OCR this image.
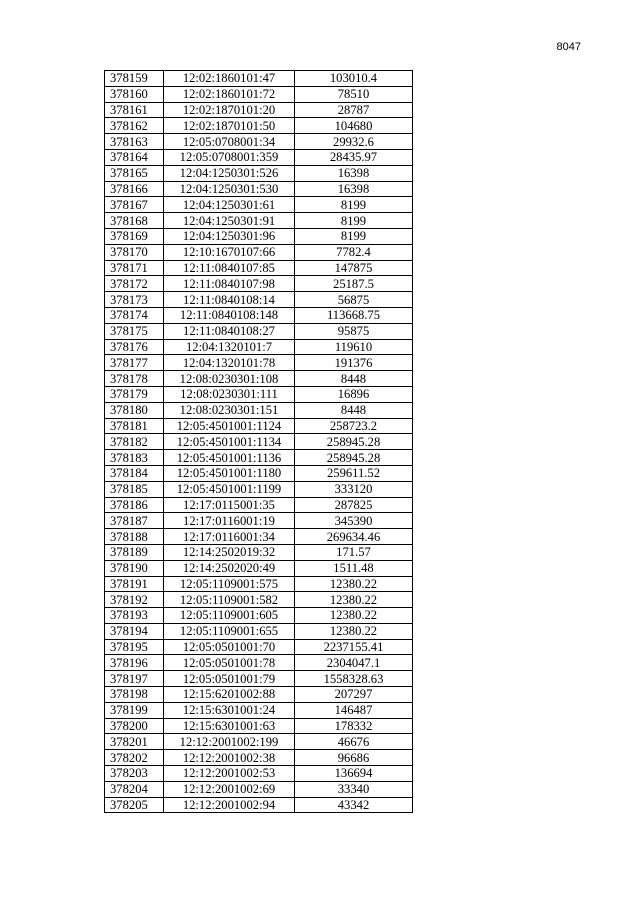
8047
378159	12:02:1860101:47	103010.4
378160	12:02:1860101:72	78510
378161	12:02:1870101:20	28787
378162	12:02:1870101:50	104680
378163	12:05:0708001:34	29932.6
378164	12:05:0708001:359	28435.97
378165	12:04:1250301:526	16398
378166	12:04:1250301:530	16398
378167	12:04:1250301:61	8199
378168	12:04:1250301:91	8199
378169	12:04:1250301:96	8199
378170	12:10:1670107:66	7782.4
378171	12:11:0840107:85	147875
378172	12:11:0840107:98	25187.5
378173	12:11:0840108:14	56875
378174	12:11:0840108:148	113668.75
378175	12:11:0840108:27	95875
378176	12:04:1320101:7	119610
378177	12:04:1320101:78	191376
378178	12:08:0230301:108	8448
378179	12:08:0230301:111	16896
378180	12:08:0230301:151	8448
378181	12:05:4501001:1124	258723.2
378182	12:05:4501001:1134	258945.28
378183	12:05:4501001:1136	258945.28
378184	12:05:4501001:1180	259611.52
378185	12:05:4501001:1199	333120
378186	12:17:0115001:35	287825
378187	12:17:0116001:19	345390
378188	12:17:0116001:34	269634.46
378189	12:14:2502019:32	171.57
378190	12:14:2502020:49	1511.48
378191	12:05:1109001:575	12380.22
378192	12:05:1109001:582	12380.22
378193	12:05:1109001:605	12380.22
378194	12:05:1109001:655	12380.22
378195	12:05:0501001:70	2237155.41
378196	12:05:0501001:78	2304047.1
378197	12:05:0501001:79	1558328.63
378198	12:15:6201002:88	207297
378199	12:15:6301001:24	146487
378200	12:15:6301001:63	178332
378201	12:12:2001002:199	46676
378202	12:12:2001002:38	96686
378203	12:12:2001002:53	136694
378204	12:12:2001002:69	33340
378205	12:12:2001002:94	43342
